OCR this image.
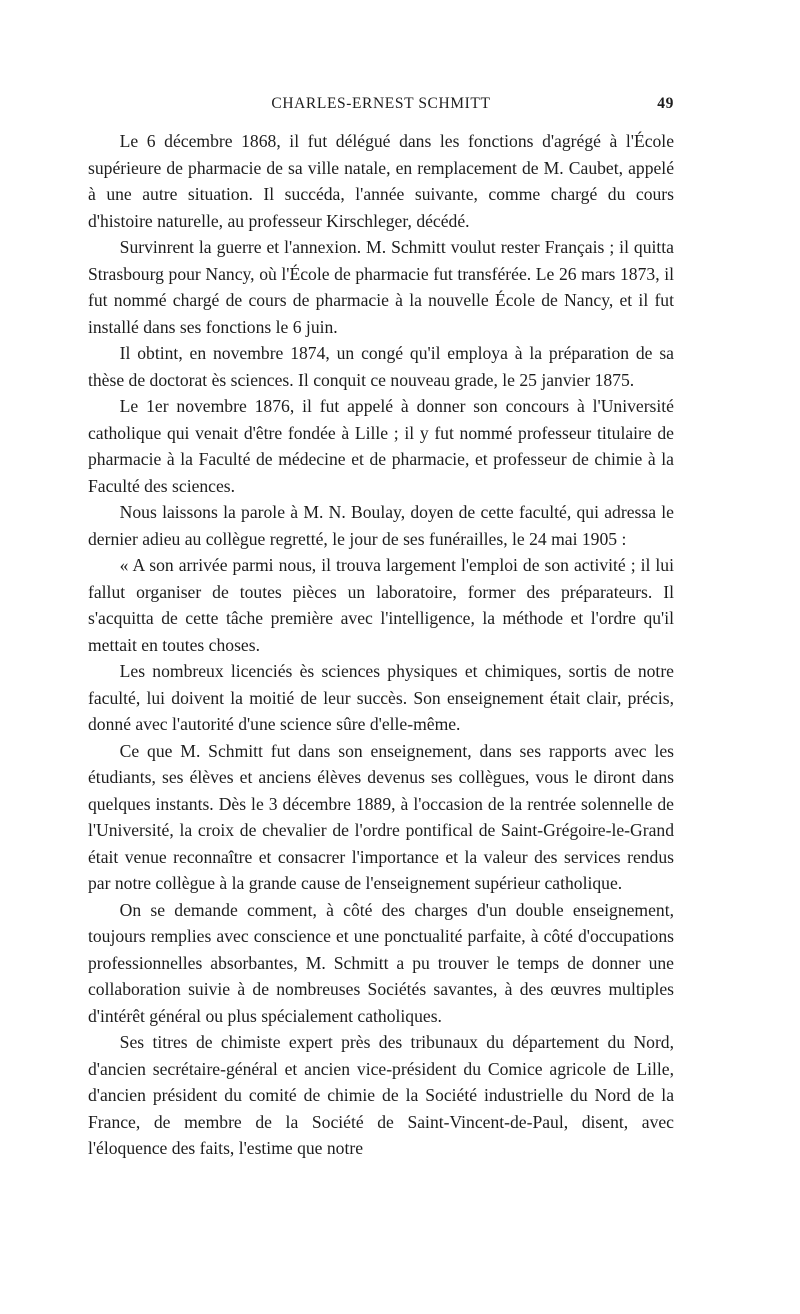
CHARLES-ERNEST SCHMITT	49

Le 6 décembre 1868, il fut délégué dans les fonctions d'agrégé à l'École supérieure de pharmacie de sa ville natale, en remplacement de M. Caubet, appelé à une autre situation. Il succéda, l'année suivante, comme chargé du cours d'histoire naturelle, au professeur Kirschleger, décédé.

Survinrent la guerre et l'annexion. M. Schmitt voulut rester Français ; il quitta Strasbourg pour Nancy, où l'École de pharmacie fut transférée. Le 26 mars 1873, il fut nommé chargé de cours de pharmacie à la nouvelle École de Nancy, et il fut installé dans ses fonctions le 6 juin.

Il obtint, en novembre 1874, un congé qu'il employa à la préparation de sa thèse de doctorat ès sciences. Il conquit ce nouveau grade, le 25 janvier 1875.

Le 1er novembre 1876, il fut appelé à donner son concours à l'Université catholique qui venait d'être fondée à Lille ; il y fut nommé professeur titulaire de pharmacie à la Faculté de médecine et de pharmacie, et professeur de chimie à la Faculté des sciences.

Nous laissons la parole à M. N. Boulay, doyen de cette faculté, qui adressa le dernier adieu au collègue regretté, le jour de ses funérailles, le 24 mai 1905 :

« A son arrivée parmi nous, il trouva largement l'emploi de son activité ; il lui fallut organiser de toutes pièces un laboratoire, former des préparateurs. Il s'acquitta de cette tâche première avec l'intelligence, la méthode et l'ordre qu'il mettait en toutes choses.

Les nombreux licenciés ès sciences physiques et chimiques, sortis de notre faculté, lui doivent la moitié de leur succès. Son enseignement était clair, précis, donné avec l'autorité d'une science sûre d'elle-même.

Ce que M. Schmitt fut dans son enseignement, dans ses rapports avec les étudiants, ses élèves et anciens élèves devenus ses collègues, vous le diront dans quelques instants. Dès le 3 décembre 1889, à l'occasion de la rentrée solennelle de l'Université, la croix de chevalier de l'ordre pontifical de Saint-Grégoire-le-Grand était venue reconnaître et consacrer l'importance et la valeur des services rendus par notre collègue à la grande cause de l'enseignement supérieur catholique.

On se demande comment, à côté des charges d'un double enseignement, toujours remplies avec conscience et une ponctualité parfaite, à côté d'occupations professionnelles absorbantes, M. Schmitt a pu trouver le temps de donner une collaboration suivie à de nombreuses Sociétés savantes, à des œuvres multiples d'intérêt général ou plus spécialement catholiques.

Ses titres de chimiste expert près des tribunaux du département du Nord, d'ancien secrétaire-général et ancien vice-président du Comice agricole de Lille, d'ancien président du comité de chimie de la Société industrielle du Nord de la France, de membre de la Société de Saint-Vincent-de-Paul, disent, avec l'éloquence des faits, l'estime que notre
